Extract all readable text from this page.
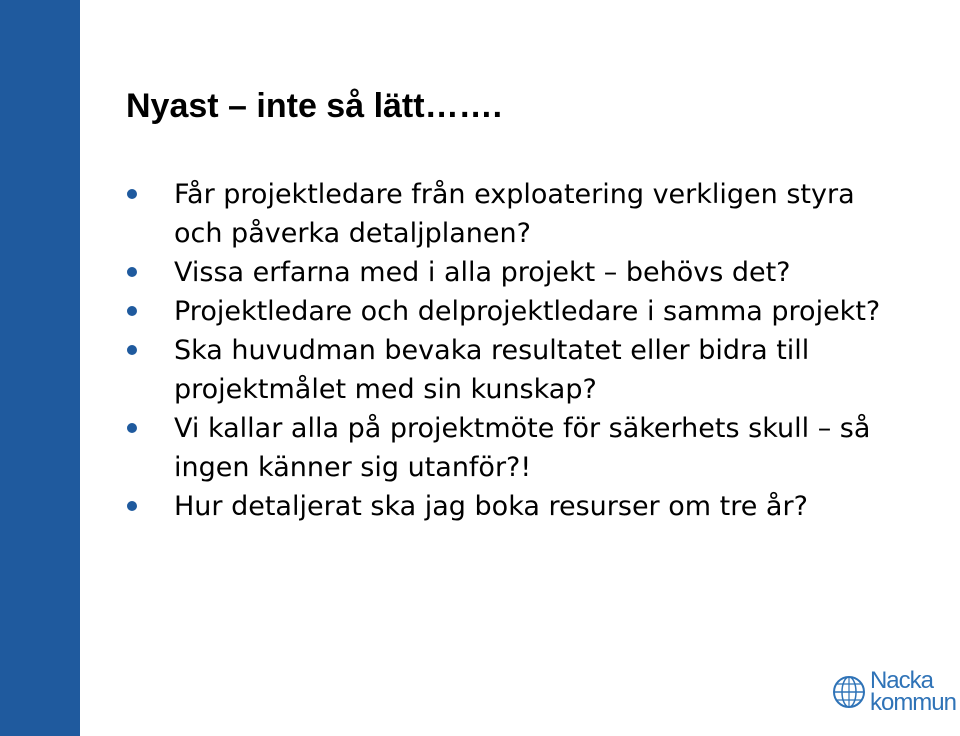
Nyast – inte så lätt…….
Får projektledare från exploatering verkligen styra och påverka detaljplanen?
Vissa erfarna med i alla projekt – behövs det?
Projektledare och delprojektledare i samma projekt?
Ska huvudman bevaka resultatet eller bidra till projektmålet med sin kunskap?
Vi kallar alla på projektmöte för säkerhets skull – så ingen känner sig utanför?!
Hur detaljerat ska jag boka resurser om tre år?
Nacka
kommun
